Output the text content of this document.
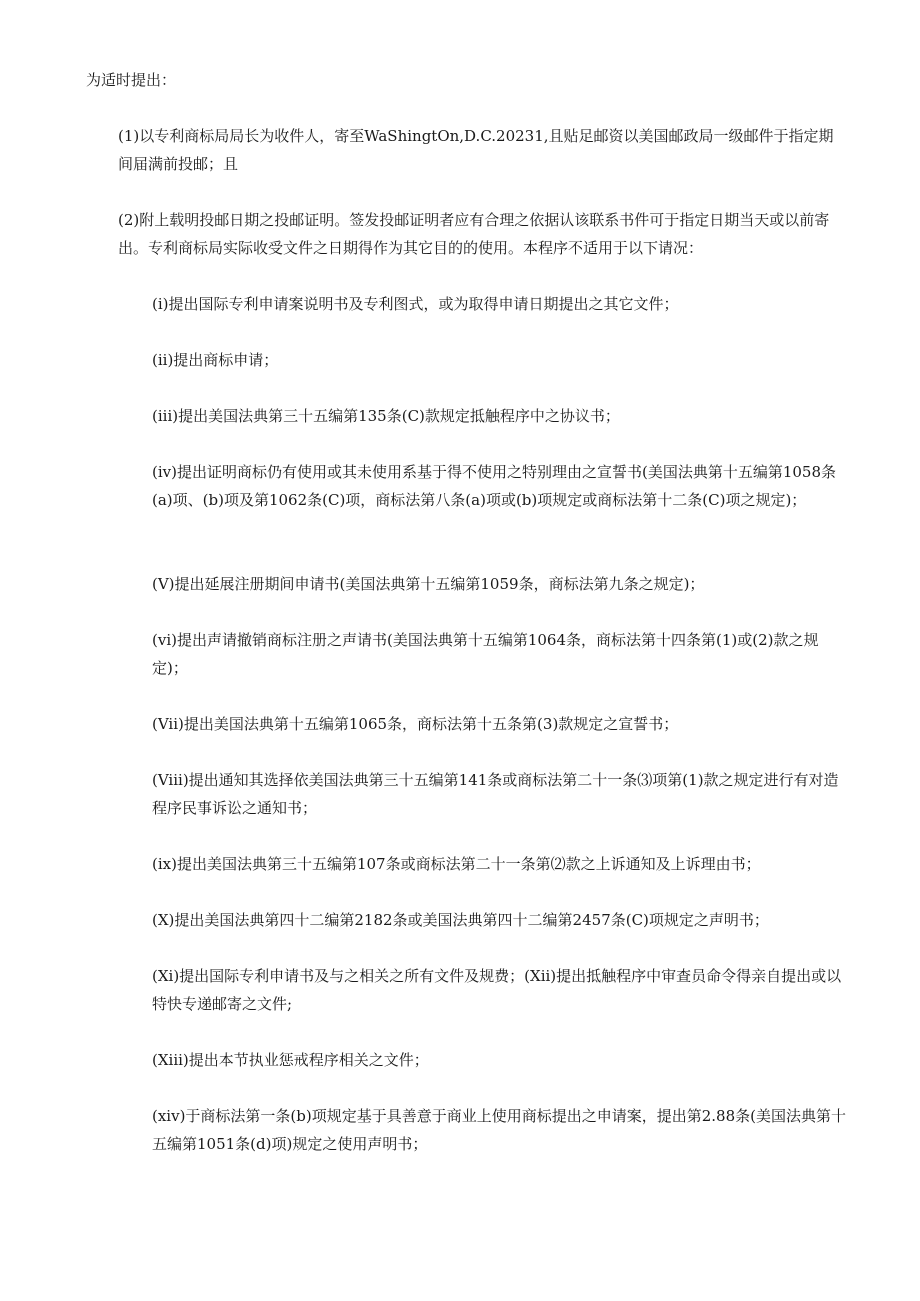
为适时提出：

(1)以专利商标局局长为收件人，寄至WaShingtOn,D.C.20231,且贴足邮资以美国邮政局一级邮件于指定期间届满前投邮；且

(2)附上载明投邮日期之投邮证明。签发投邮证明者应有合理之依据认该联系书件可于指定日期当天或以前寄出。专利商标局实际收受文件之日期得作为其它目的的使用。本程序不适用于以下请况：

(i)提出国际专利申请案说明书及专利图式，或为取得申请日期提出之其它文件；

(ii)提出商标申请；

(iii)提出美国法典第三十五编第135条(C)款规定抵触程序中之协议书；

(iv)提出证明商标仍有使用或其未使用系基于得不使用之特别理由之宣誓书(美国法典第十五编第1058条(a)项、(b)项及第1062条(C)项，商标法第八条(a)项或(b)项规定或商标法第十二条(C)项之规定)；

(V)提出延展注册期间申请书(美国法典第十五编第1059条，商标法第九条之规定)；

(vi)提出声请撤销商标注册之声请书(美国法典第十五编第1064条，商标法第十四条第(1)或(2)款之规定)；

(Vii)提出美国法典第十五编第1065条，商标法第十五条第(3)款规定之宣誓书；

(Viii)提出通知其选择依美国法典第三十五编第141条或商标法第二十一条⑶项第(1)款之规定进行有对造程序民事诉讼之通知书；

(ix)提出美国法典第三十五编第107条或商标法第二十一条第⑵款之上诉通知及上诉理由书；

(X)提出美国法典第四十二编第2182条或美国法典第四十二编第2457条(C)项规定之声明书；

(Xi)提出国际专利申请书及与之相关之所有文件及规费；(Xii)提出抵触程序中审查员命令得亲自提出或以特快专递邮寄之文件;

(Xiii)提出本节执业惩戒程序相关之文件；

(xiv)于商标法第一条(b)项规定基于具善意于商业上使用商标提出之申请案，提出第2.88条(美国法典第十五编第1051条(d)项)规定之使用声明书；
